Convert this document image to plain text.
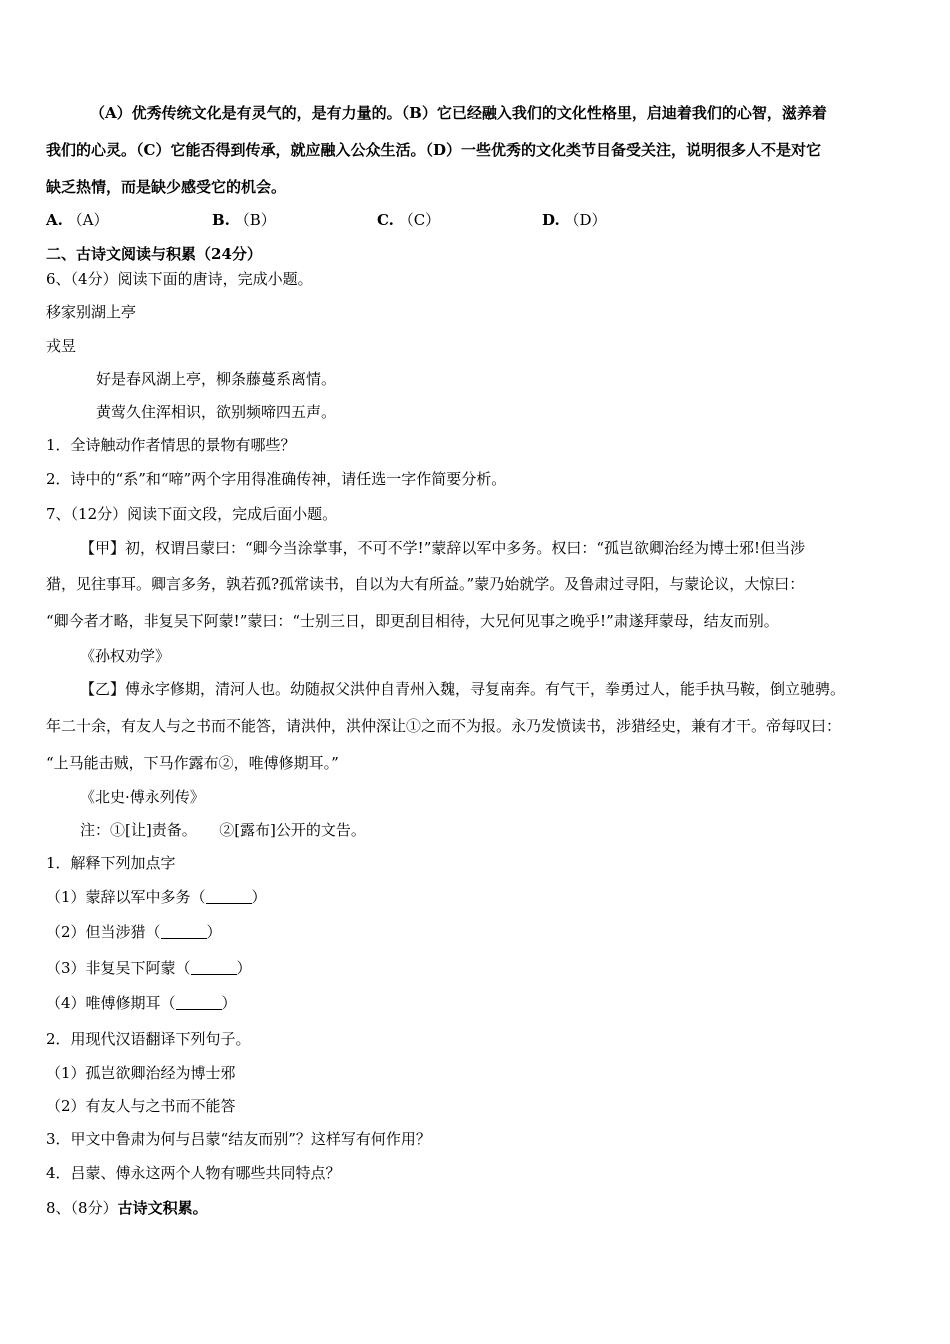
（A）优秀传统文化是有灵气的，是有力量的。（B）它已经融入我们的文化性格里，启迪着我们的心智，滋养着
我们的心灵。（C）它能否得到传承，就应融入公众生活。（D）一些优秀的文化类节目备受关注，说明很多人不是对它
缺乏热情，而是缺少感受它的机会。
A. （A）	B. （B）	C. （C）	D. （D）
二、古诗文阅读与积累（24分）
6、（4分）阅读下面的唐诗，完成小题。
移家别湖上亭
戎昱
好是春风湖上亭，柳条藤蔓系离情。
黄莺久住浑相识，欲别频啼四五声。
1．全诗触动作者情思的景物有哪些？
2．诗中的“系”和“啼”两个字用得准确传神，请任选一字作简要分析。
7、（12分）阅读下面文段，完成后面小题。
【甲】初，权谓吕蒙曰：“卿今当涂掌事，不可不学!”蒙辞以军中多务。权曰：“孤岂欲卿治经为博士邪!但当涉
猎，见往事耳。卿言多务，孰若孤?孤常读书，自以为大有所益。”蒙乃始就学。及鲁肃过寻阳，与蒙论议，大惊曰：
“卿今者才略，非复吴下阿蒙!”蒙曰：“士别三日，即更刮目相待，大兄何见事之晚乎!”肃遂拜蒙母，结友而别。
《孙权劝学》
【乙】傅永字修期，清河人也。幼随叔父洪仲自青州入魏，寻复南奔。有气干，拳勇过人，能手执马鞍，倒立驰骋。
年二十余，有友人与之书而不能答，请洪仲，洪仲深让①之而不为报。永乃发愤读书，涉猎经史，兼有才干。帝每叹曰：
“上马能击贼，下马作露布②，唯傅修期耳。”
《北史·傅永列传》
注：①[让]责备。　　②[露布]公开的文告。
1．解释下列加点字
（1）蒙辞以军中多务（	）
（2）但当涉猎（	）
（3）非复吴下阿蒙（	）
（4）唯傅修期耳（	）
2．用现代汉语翻译下列句子。
（1）孤岂欲卿治经为博士邪
（2）有友人与之书而不能答
3．甲文中鲁肃为何与吕蒙“结友而别”？这样写有何作用？
4．吕蒙、傅永这两个人物有哪些共同特点？
8、（8分）古诗文积累。
